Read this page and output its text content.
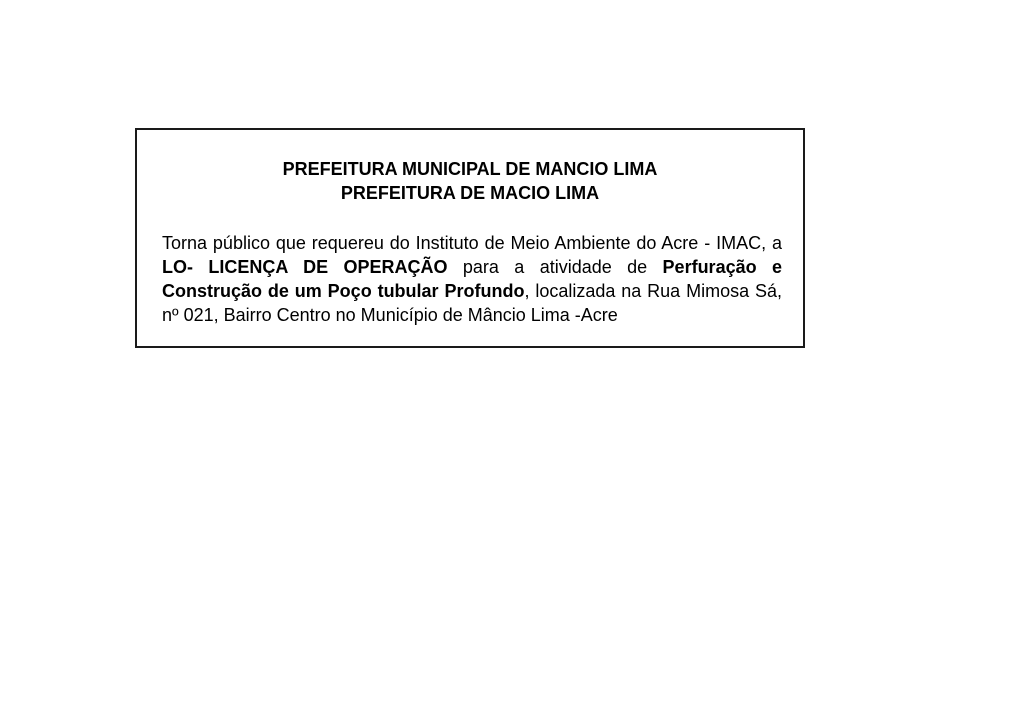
PREFEITURA MUNICIPAL DE MANCIO LIMA
PREFEITURA DE MACIO LIMA

Torna público que requereu do Instituto de Meio Ambiente do Acre - IMAC, a LO- LICENÇA DE OPERAÇÃO para a atividade de Perfuração e Construção de um Poço tubular Profundo, localizada na Rua Mimosa Sá, nº 021, Bairro Centro no Município de Mâncio Lima -Acre
